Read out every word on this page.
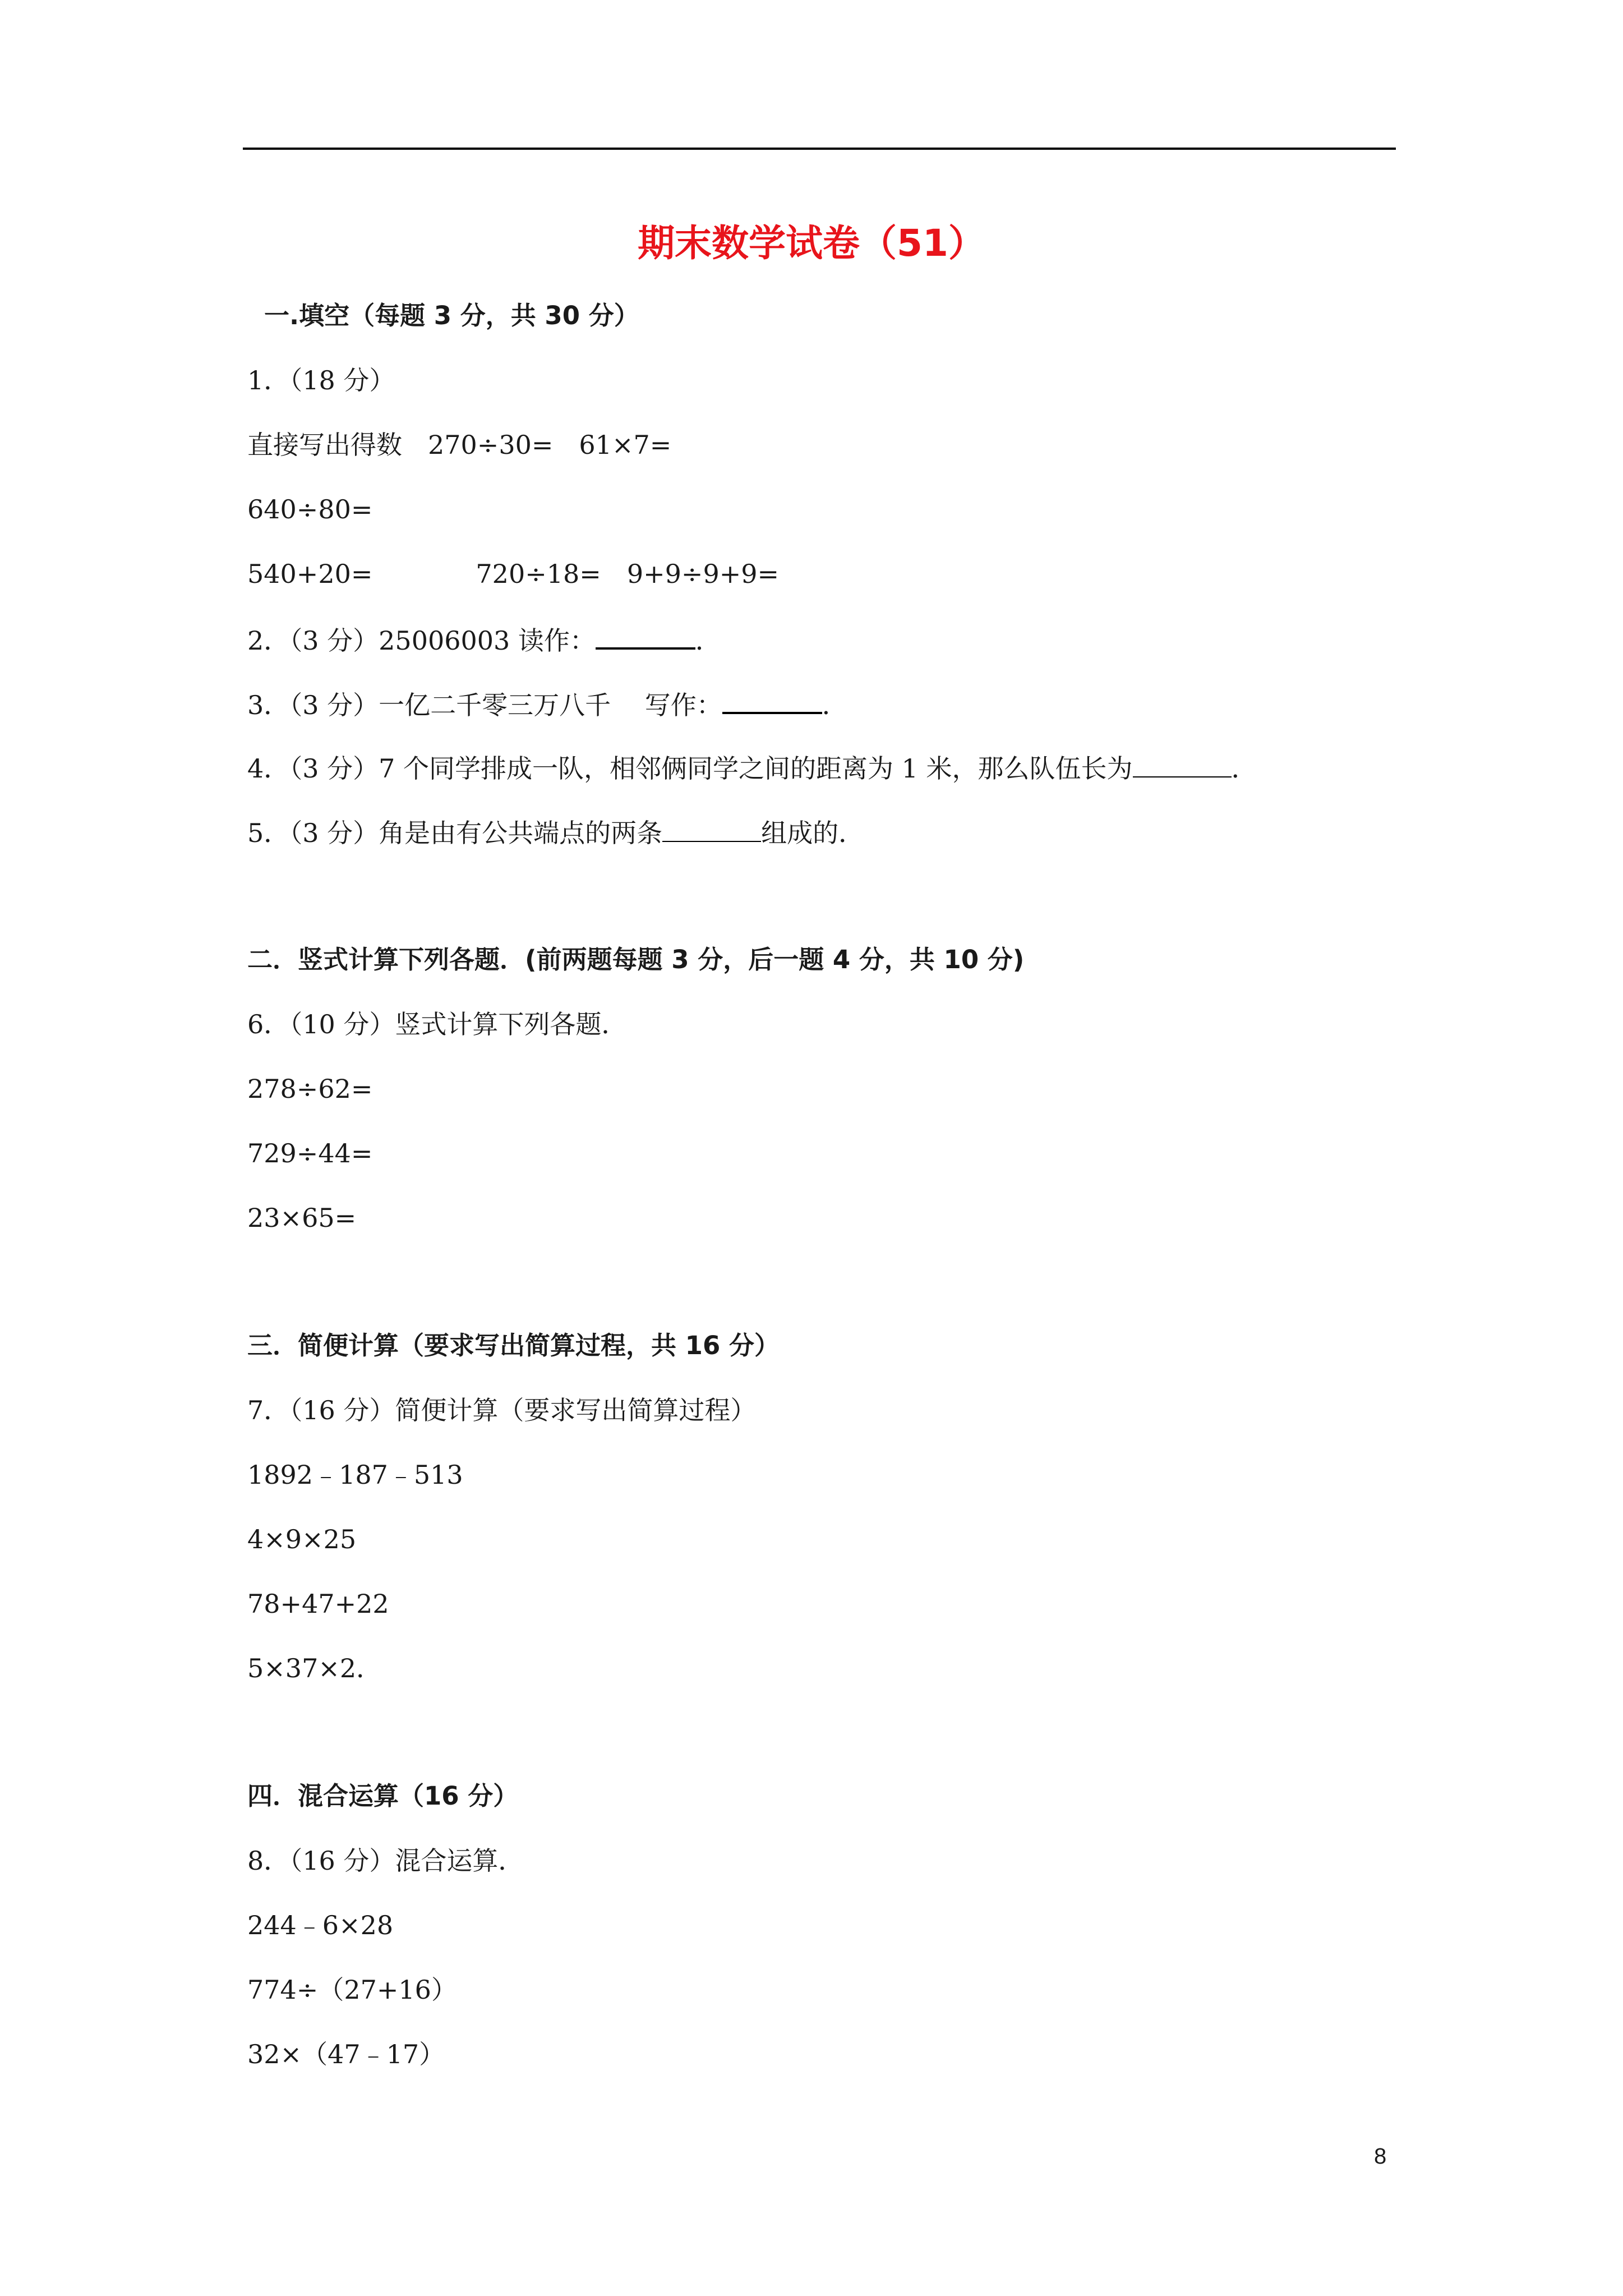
期末数学试卷（51）
一.填空（每题 3 分，共 30 分）
1．（18 分）
直接写出得数　270÷30=　61×7=
640÷80=
540+20=　　　　720÷18=　9+9÷9+9=
2．（3 分）25006003 读作：	．
3．（3 分）一亿二千零三万八千　 写作：	．
4．（3 分）7 个同学排成一队，相邻俩同学之间的距离为 1 米，那么队伍长为	．
5．（3 分）角是由有公共端点的两条	组成的．
二．竖式计算下列各题．(前两题每题 3 分，后一题 4 分，共 10 分)
6．（10 分）竖式计算下列各题．
278÷62=
729÷44=
23×65=
三．简便计算（要求写出简算过程，共 16 分）
7．（16 分）简便计算（要求写出简算过程）
1892﹣187﹣513
4×9×25
78+47+22
5×37×2．
四．混合运算（16 分）
8．（16 分）混合运算．
244﹣6×28
774÷（27+16）
32×（47﹣17）
8
